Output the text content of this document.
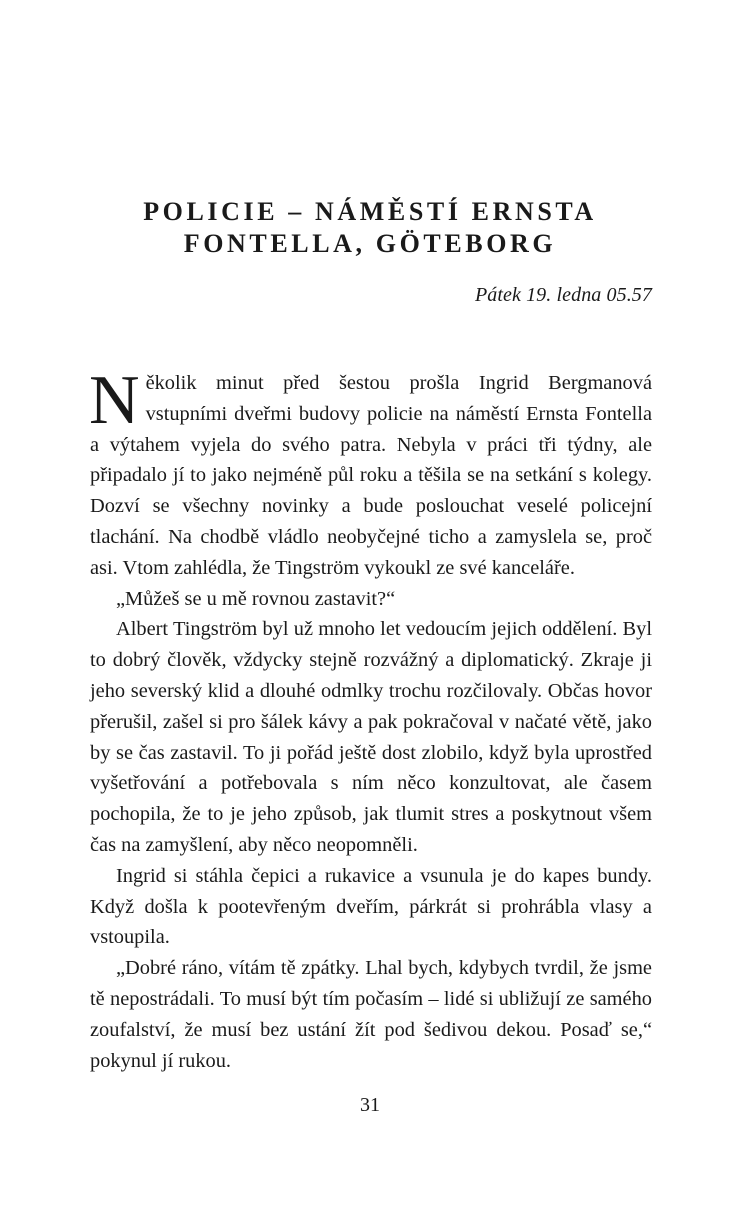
POLICIE – NÁMĚSTÍ ERNSTA
FONTELLA, GÖTEBORG
Pátek 19. ledna 05.57

Několik minut před šestou prošla Ingrid Bergmanová vstupními dveřmi budovy policie na náměstí Ernsta Fontella a výtahem vyjela do svého patra. Nebyla v práci tři týdny, ale připadalo jí to jako nejméně půl roku a těšila se na setkání s kolegy. Dozví se všechny novinky a bude poslouchat veselé policejní tlachání. Na chodbě vládlo neobyčejné ticho a zamyslela se, proč asi. Vtom zahlédla, že Tingström vykoukl ze své kanceláře.

„Můžeš se u mě rovnou zastavit?“

Albert Tingström byl už mnoho let vedoucím jejich oddělení. Byl to dobrý člověk, vždycky stejně rozvážný a diplomatický. Zkraje ji jeho severský klid a dlouhé odmlky trochu rozčilovaly. Občas hovor přerušil, zašel si pro šálek kávy a pak pokračoval v načaté větě, jako by se čas zastavil. To ji pořád ještě dost zlobilo, když byla uprostřed vyšetřování a potřebovala s ním něco konzultovat, ale časem pochopila, že to je jeho způsob, jak tlumit stres a poskytnout všem čas na zamyšlení, aby něco neopomněli.

Ingrid si stáhla čepici a rukavice a vsunula je do kapes bundy. Když došla k pootevřeným dveřím, párkrát si prohrábla vlasy a vstoupila.

„Dobré ráno, vítám tě zpátky. Lhal bych, kdybych tvrdil, že jsme tě nepostrádali. To musí být tím počasím – lidé si ubližují ze samého zoufalství, že musí bez ustání žít pod šedivou dekou. Posaď se,“ pokynul jí rukou.

31
